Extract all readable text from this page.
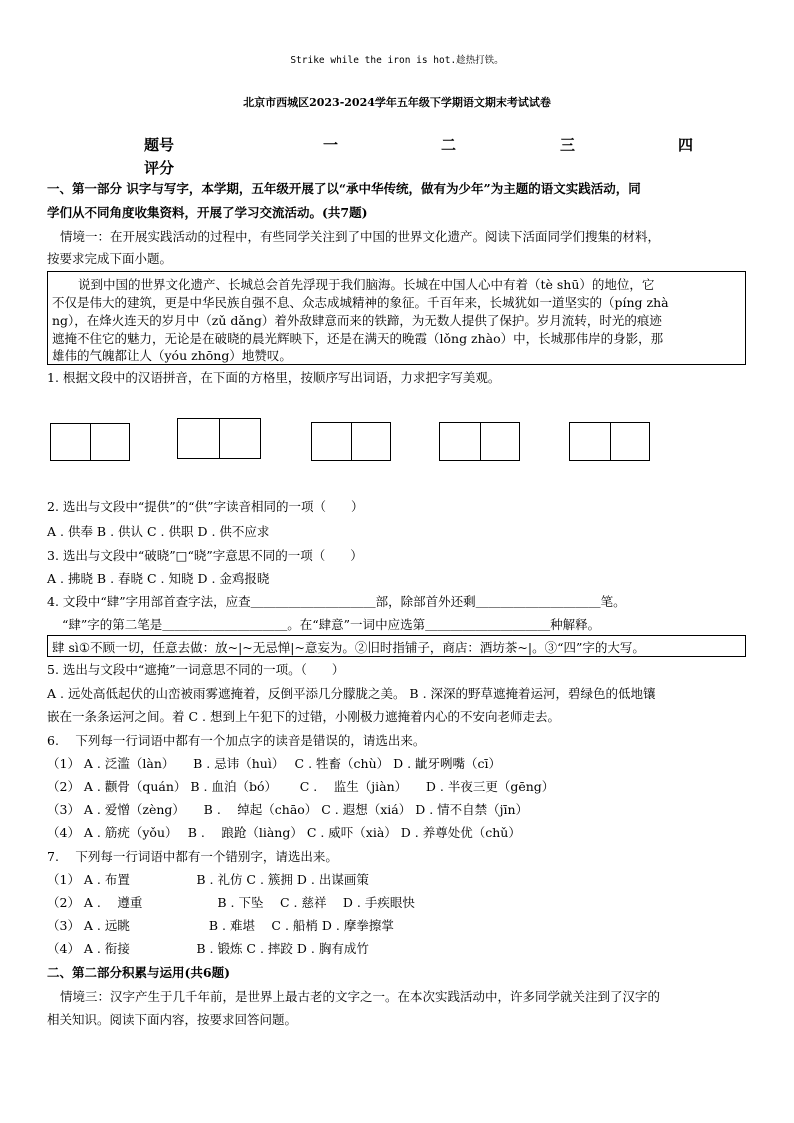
Strike while the iron is hot.趁热打铁。
北京市西城区2023-2024学年五年级下学期语文期末考试试卷
题号	一	二	三	四
评分
一、第一部分 识字与写字，本学期，五年级开展了以“承中华传统，做有为少年”为主题的语文实践活动，同
学们从不同角度收集资料，开展了学习交流活动。(共7题)
情境一：在开展实践活动的过程中，有些同学关注到了中国的世界文化遗产。阅读下活面同学们搜集的材料，
按要求完成下面小题。
说到中国的世界文化遗产、长城总会首先浮现于我们脑海。长城在中国人心中有着（tè shū）的地位，它
不仅是伟大的建筑，更是中华民族自强不息、众志成城精神的象征。千百年来，长城犹如一道坚实的（píng zhà
ng），在烽火连天的岁月中（zǔ dǎng）着外敌肆意而来的铁蹄，为无数人提供了保护。岁月流转，时光的痕迹
遮掩不住它的魅力，无论是在破晓的晨光辉映下，还是在满天的晚霞（lǒng zhào）中，长城那伟岸的身影，那
雄伟的气魄都让人（yóu zhōng）地赞叹。
1. 根据文段中的汉语拼音，在下面的方格里，按顺序写出词语，力求把字写美观。
2. 选出与文段中“提供”的“供”字读音相同的一项（　　）
A . 供奉 B . 供认 C . 供职 D . 供不应求
3. 选出与文段中“破晓”□“晓”字意思不同的一项（　　）
A . 拂晓 B . 春晓 C . 知晓 D . 金鸡报晓
4. 文段中“肆”字用部首查字法，应查＿＿＿＿＿＿＿＿＿＿部，除部首外还剩＿＿＿＿＿＿＿＿＿＿笔。
“肆”字的第二笔是＿＿＿＿＿＿＿＿＿＿。在“肆意”一词中应选第＿＿＿＿＿＿＿＿＿＿种解释。
肆 sì①不顾一切，任意去做：放~|~无忌惮|~意妄为。②旧时指铺子，商店：酒坊茶~|。③“四”字的大写。
5. 选出与文段中“遮掩”一词意思不同的一项。（　　）
A . 远处高低起伏的山峦被雨雾遮掩着，反倒平添几分朦胧之美。 B . 深深的野草遮掩着运河，碧绿色的低地镶
嵌在一条条运河之间。着 C . 想到上午犯下的过错，小刚极力遮掩着内心的不安向老师走去。
6.　 下列每一行词语中都有一个加点字的读音是错误的，请选出来。
（1） A . 泛滥（làn）　　B . 忌讳（huì）　 C . 牲畜（chù） D . 龇牙咧嘴（cī）
（2） A . 颧骨（quán） B . 血泊（bó）　　 C .　 监生（jiàn）　　D . 半夜三更（gēng）
（3） A . 爱憎（zèng）　　B .　 绰起（chāo） C . 遐想（xiá） D . 情不自禁（jīn）
（4） A . 筋疣（yǒu）　 B .　 踉跄（liàng） C . 威吓（xià） D . 养尊处优（chǔ）
7.　 下列每一行词语中都有一个错别字，请选出来。
（1） A . 布置　　　　　 B . 礼仿 C . 簇拥 D . 出谋画策
（2） A .　 遵重　　　　　　B . 下坠　 C . 慈祥　 D . 手疾眼快
（3） A . 远眺　　　　　　 B . 难堪　 C . 船梢 D . 摩拳擦掌
（4） A . 衔接　　　　　 B . 锻炼 C . 摔跤 D . 胸有成竹
二、第二部分积累与运用(共6题)
情境三：汉字产生于几千年前，是世界上最古老的文字之一。在本次实践活动中，许多同学就关注到了汉字的
相关知识。阅读下面内容，按要求回答问题。
